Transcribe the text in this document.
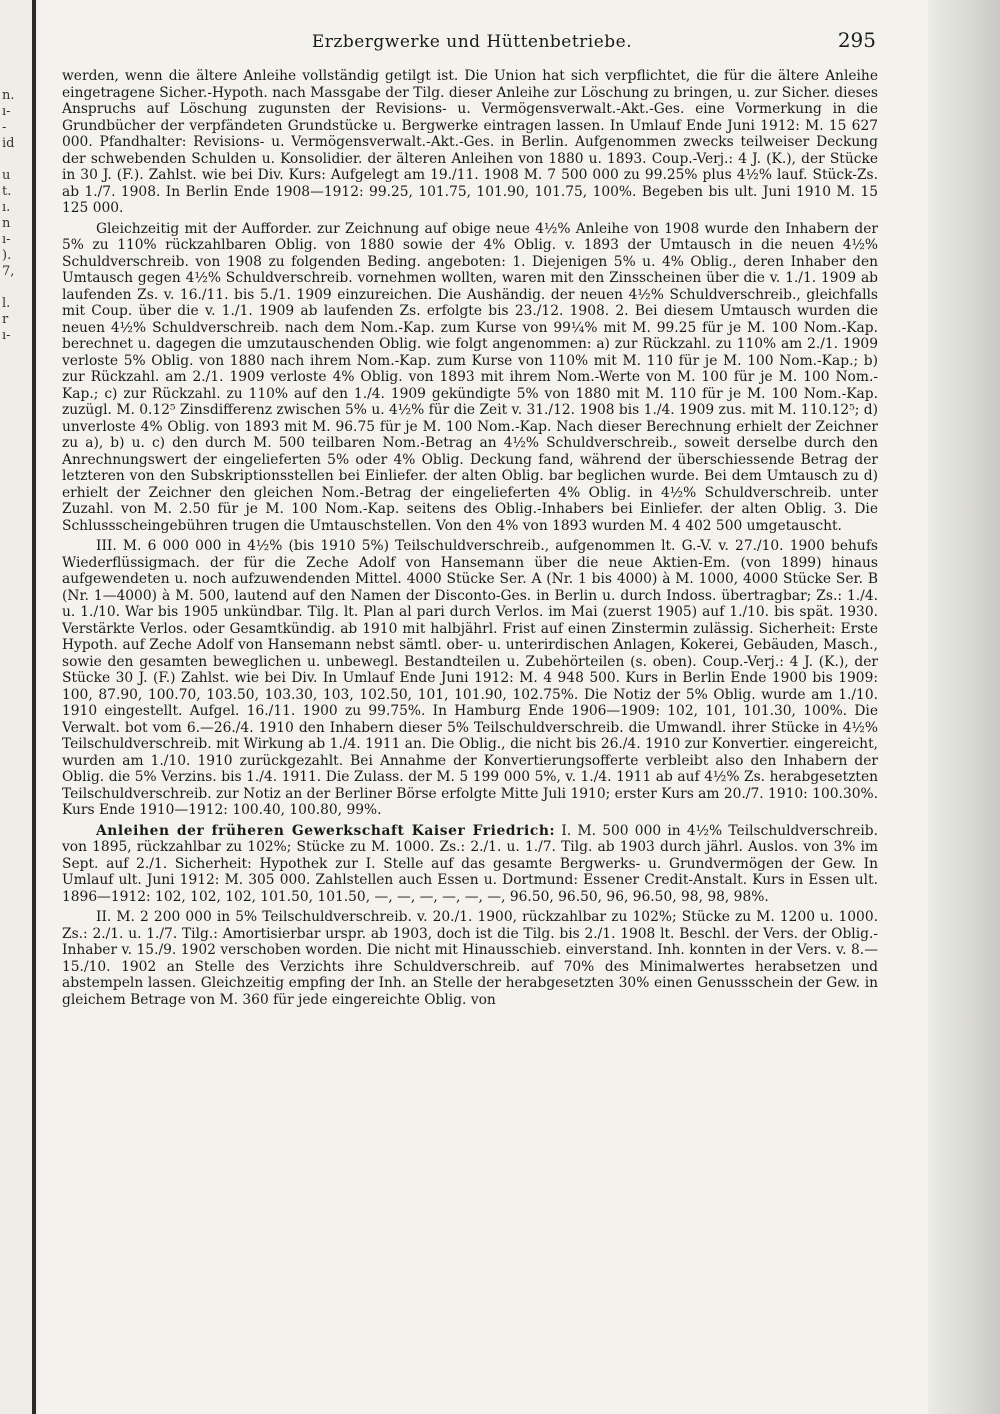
n.
ı-
-
id
u
t.
ı.
n
ı-
).
7,
l.
r
ı-
Erzbergwerke und Hüttenbetriebe.	295

werden, wenn die ältere Anleihe vollständig getilgt ist. Die Union hat sich verpflichtet, die für die ältere Anleihe eingetragene Sicher.-Hypoth. nach Massgabe der Tilg. dieser Anleihe zur Löschung zu bringen, u. zur Sicher. dieses Anspruchs auf Löschung zugunsten der Revisions- u. Vermögensverwalt.-Akt.-Ges. eine Vormerkung in die Grundbücher der verpfändeten Grundstücke u. Bergwerke eintragen lassen. In Umlauf Ende Juni 1912: M. 15 627 000. Pfandhalter: Revisions- u. Vermögensverwalt.-Akt.-Ges. in Berlin. Aufgenommen zwecks teilweiser Deckung der schwebenden Schulden u. Konsolidier. der älteren Anleihen von 1880 u. 1893. Coup.-Verj.: 4 J. (K.), der Stücke in 30 J. (F.). Zahlst. wie bei Div. Kurs: Aufgelegt am 19./11. 1908 M. 7 500 000 zu 99.25% plus 4½% lauf. Stück-Zs. ab 1./7. 1908. In Berlin Ende 1908—1912: 99.25, 101.75, 101.90, 101.75, 100%. Begeben bis ult. Juni 1910 M. 15 125 000.

Gleichzeitig mit der Aufforder. zur Zeichnung auf obige neue 4½% Anleihe von 1908 wurde den Inhabern der 5% zu 110% rückzahlbaren Oblig. von 1880 sowie der 4% Oblig. v. 1893 der Umtausch in die neuen 4½% Schuldverschreib. von 1908 zu folgenden Beding. angeboten: 1. Diejenigen 5% u. 4% Oblig., deren Inhaber den Umtausch gegen 4½% Schuldverschreib. vornehmen wollten, waren mit den Zinsscheinen über die v. 1./1. 1909 ab laufenden Zs. v. 16./11. bis 5./1. 1909 einzureichen. Die Aushändig. der neuen 4½% Schuldverschreib., gleichfalls mit Coup. über die v. 1./1. 1909 ab laufenden Zs. erfolgte bis 23./12. 1908. 2. Bei diesem Umtausch wurden die neuen 4½% Schuldverschreib. nach dem Nom.-Kap. zum Kurse von 99¼% mit M. 99.25 für je M. 100 Nom.-Kap. berechnet u. dagegen die umzutauschenden Oblig. wie folgt angenommen: a) zur Rückzahl. zu 110% am 2./1. 1909 verloste 5% Oblig. von 1880 nach ihrem Nom.-Kap. zum Kurse von 110% mit M. 110 für je M. 100 Nom.-Kap.; b) zur Rückzahl. am 2./1. 1909 verloste 4% Oblig. von 1893 mit ihrem Nom.-Werte von M. 100 für je M. 100 Nom.-Kap.; c) zur Rückzahl. zu 110% auf den 1./4. 1909 gekündigte 5% von 1880 mit M. 110 für je M. 100 Nom.-Kap. zuzügl. M. 0.12⁵ Zinsdifferenz zwischen 5% u. 4½% für die Zeit v. 31./12. 1908 bis 1./4. 1909 zus. mit M. 110.12⁵; d) unverloste 4% Oblig. von 1893 mit M. 96.75 für je M. 100 Nom.-Kap. Nach dieser Berechnung erhielt der Zeichner zu a), b) u. c) den durch M. 500 teilbaren Nom.-Betrag an 4½% Schuldverschreib., soweit derselbe durch den Anrechnungswert der eingelieferten 5% oder 4% Oblig. Deckung fand, während der überschiessende Betrag der letzteren von den Subskriptionsstellen bei Einliefer. der alten Oblig. bar beglichen wurde. Bei dem Umtausch zu d) erhielt der Zeichner den gleichen Nom.-Betrag der eingelieferten 4% Oblig. in 4½% Schuldverschreib. unter Zuzahl. von M. 2.50 für je M. 100 Nom.-Kap. seitens des Oblig.-Inhabers bei Einliefer. der alten Oblig. 3. Die Schlussscheingebühren trugen die Umtauschstellen. Von den 4% von 1893 wurden M. 4 402 500 umgetauscht.

III. M. 6 000 000 in 4½% (bis 1910 5%) Teilschuldverschreib., aufgenommen lt. G.-V. v. 27./10. 1900 behufs Wiederflüssigmach. der für die Zeche Adolf von Hansemann über die neue Aktien-Em. (von 1899) hinaus aufgewendeten u. noch aufzuwendenden Mittel. 4000 Stücke Ser. A (Nr. 1 bis 4000) à M. 1000, 4000 Stücke Ser. B (Nr. 1—4000) à M. 500, lautend auf den Namen der Disconto-Ges. in Berlin u. durch Indoss. übertragbar; Zs.: 1./4. u. 1./10. War bis 1905 unkündbar. Tilg. lt. Plan al pari durch Verlos. im Mai (zuerst 1905) auf 1./10. bis spät. 1930. Verstärkte Verlos. oder Gesamtkündig. ab 1910 mit halbjährl. Frist auf einen Zinstermin zulässig. Sicherheit: Erste Hypoth. auf Zeche Adolf von Hansemann nebst sämtl. ober- u. unterirdischen Anlagen, Kokerei, Gebäuden, Masch., sowie den gesamten beweglichen u. unbewegl. Bestandteilen u. Zubehörteilen (s. oben). Coup.-Verj.: 4 J. (K.), der Stücke 30 J. (F.) Zahlst. wie bei Div. In Umlauf Ende Juni 1912: M. 4 948 500. Kurs in Berlin Ende 1900 bis 1909: 100, 87.90, 100.70, 103.50, 103.30, 103, 102.50, 101, 101.90, 102.75%. Die Notiz der 5% Oblig. wurde am 1./10. 1910 eingestellt. Aufgel. 16./11. 1900 zu 99.75%. In Hamburg Ende 1906—1909: 102, 101, 101.30, 100%. Die Verwalt. bot vom 6.—26./4. 1910 den Inhabern dieser 5% Teilschuldverschreib. die Umwandl. ihrer Stücke in 4½% Teilschuldverschreib. mit Wirkung ab 1./4. 1911 an. Die Oblig., die nicht bis 26./4. 1910 zur Konvertier. eingereicht, wurden am 1./10. 1910 zurückgezahlt. Bei Annahme der Konvertierungsofferte verbleibt also den Inhabern der Oblig. die 5% Verzins. bis 1./4. 1911. Die Zulass. der M. 5 199 000 5%, v. 1./4. 1911 ab auf 4½% Zs. herabgesetzten Teilschuldverschreib. zur Notiz an der Berliner Börse erfolgte Mitte Juli 1910; erster Kurs am 20./7. 1910: 100.30%. Kurs Ende 1910—1912: 100.40, 100.80, 99%.

Anleihen der früheren Gewerkschaft Kaiser Friedrich: I. M. 500 000 in 4½% Teilschuldverschreib. von 1895, rückzahlbar zu 102%; Stücke zu M. 1000. Zs.: 2./1. u. 1./7. Tilg. ab 1903 durch jährl. Auslos. von 3% im Sept. auf 2./1. Sicherheit: Hypothek zur I. Stelle auf das gesamte Bergwerks- u. Grundvermögen der Gew. In Umlauf ult. Juni 1912: M. 305 000. Zahlstellen auch Essen u. Dortmund: Essener Credit-Anstalt. Kurs in Essen ult. 1896—1912: 102, 102, 102, 101.50, 101.50, —, —, —, —, —, —, 96.50, 96.50, 96, 96.50, 98, 98, 98%.

II. M. 2 200 000 in 5% Teilschuldverschreib. v. 20./1. 1900, rückzahlbar zu 102%; Stücke zu M. 1200 u. 1000. Zs.: 2./1. u. 1./7. Tilg.: Amortisierbar urspr. ab 1903, doch ist die Tilg. bis 2./1. 1908 lt. Beschl. der Vers. der Oblig.-Inhaber v. 15./9. 1902 verschoben worden. Die nicht mit Hinausschieb. einverstand. Inh. konnten in der Vers. v. 8.—15./10. 1902 an Stelle des Verzichts ihre Schuldverschreib. auf 70% des Minimalwertes herabsetzen und abstempeln lassen. Gleichzeitig empfing der Inh. an Stelle der herabgesetzten 30% einen Genussschein der Gew. in gleichem Betrage von M. 360 für jede eingereichte Oblig. von
